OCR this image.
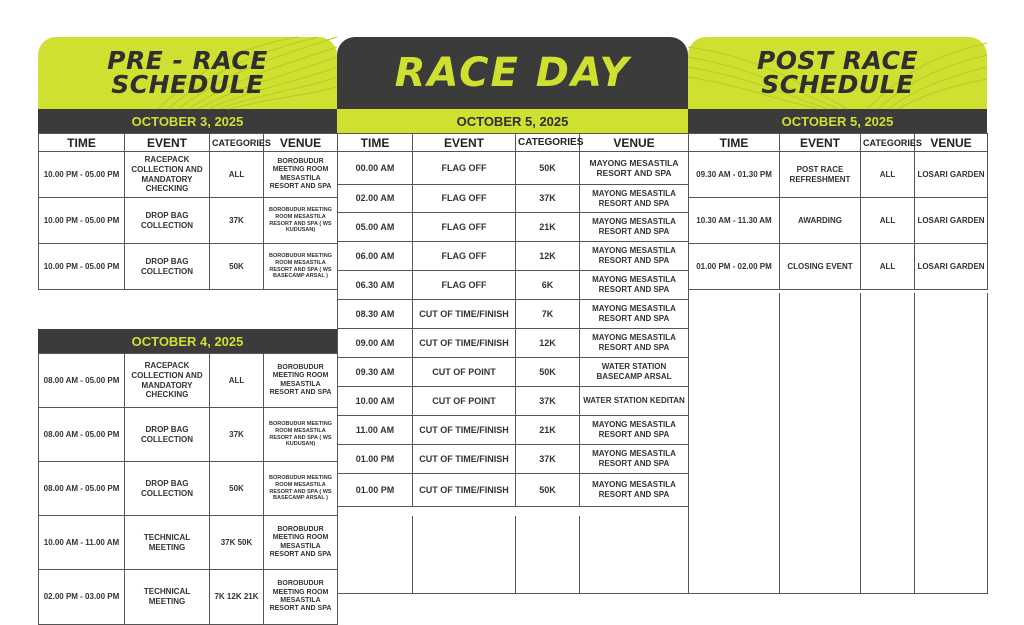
PRE - RACE
SCHEDULE
OCTOBER 3, 2025
TIME	EVENT	CATEGORIES	VENUE
10.00 PM - 05.00 PM	RACEPACK COLLECTION AND MANDATORY CHECKING	ALL	BOROBUDUR MEETING ROOM MESASTILA RESORT AND SPA
10.00 PM - 05.00 PM	DROP BAG COLLECTION	37K	BOROBUDUR MEETING ROOM MESASTILA RESORT AND SPA ( WS KUDUSAN)
10.00 PM - 05.00 PM	DROP BAG COLLECTION	50K	BOROBUDUR MEETING ROOM MESASTILA RESORT AND SPA ( WS BASECAMP ARSAL )
OCTOBER 4, 2025
08.00 AM - 05.00 PM	RACEPACK COLLECTION AND MANDATORY CHECKING	ALL	BOROBUDUR MEETING ROOM MESASTILA RESORT AND SPA
08.00 AM - 05.00 PM	DROP BAG COLLECTION	37K	BOROBUDUR MEETING ROOM MESASTILA RESORT AND SPA ( WS KUDUSAN)
08.00 AM - 05.00 PM	DROP BAG COLLECTION	50K	BOROBUDUR MEETING ROOM MESASTILA RESORT AND SPA ( WS BASECAMP ARSAL )
10.00 AM - 11.00 AM	TECHNICAL MEETING	37K 50K	BOROBUDUR MEETING ROOM MESASTILA RESORT AND SPA
02.00 PM - 03.00 PM	TECHNICAL MEETING	7K 12K 21K	BOROBUDUR MEETING ROOM MESASTILA RESORT AND SPA
RACE DAY
OCTOBER 5, 2025
TIME	EVENT	CATEGORIES	VENUE
00.00 AM	FLAG OFF	50K	MAYONG MESASTILA RESORT AND SPA
02.00 AM	FLAG OFF	37K	MAYONG MESASTILA RESORT AND SPA
05.00 AM	FLAG OFF	21K	MAYONG MESASTILA RESORT AND SPA
06.00 AM	FLAG OFF	12K	MAYONG MESASTILA RESORT AND SPA
06.30 AM	FLAG OFF	6K	MAYONG MESASTILA RESORT AND SPA
08.30 AM	CUT OF TIME/FINISH	7K	MAYONG MESASTILA RESORT AND SPA
09.00 AM	CUT OF TIME/FINISH	12K	MAYONG MESASTILA RESORT AND SPA
09.30 AM	CUT OF POINT	50K	WATER STATION BASECAMP ARSAL
10.00 AM	CUT OF POINT	37K	WATER STATION KEDITAN
11.00 AM	CUT OF TIME/FINISH	21K	MAYONG MESASTILA RESORT AND SPA
01.00 PM	CUT OF TIME/FINISH	37K	MAYONG MESASTILA RESORT AND SPA
01.00 PM	CUT OF TIME/FINISH	50K	MAYONG MESASTILA RESORT AND SPA
POST RACE
SCHEDULE
OCTOBER 5, 2025
TIME	EVENT	CATEGORIES	VENUE
09.30 AM - 01.30 PM	POST RACE REFRESHMENT	ALL	LOSARI GARDEN
10.30 AM - 11.30 AM	AWARDING	ALL	LOSARI GARDEN
01.00 PM - 02.00 PM	CLOSING EVENT	ALL	LOSARI GARDEN
